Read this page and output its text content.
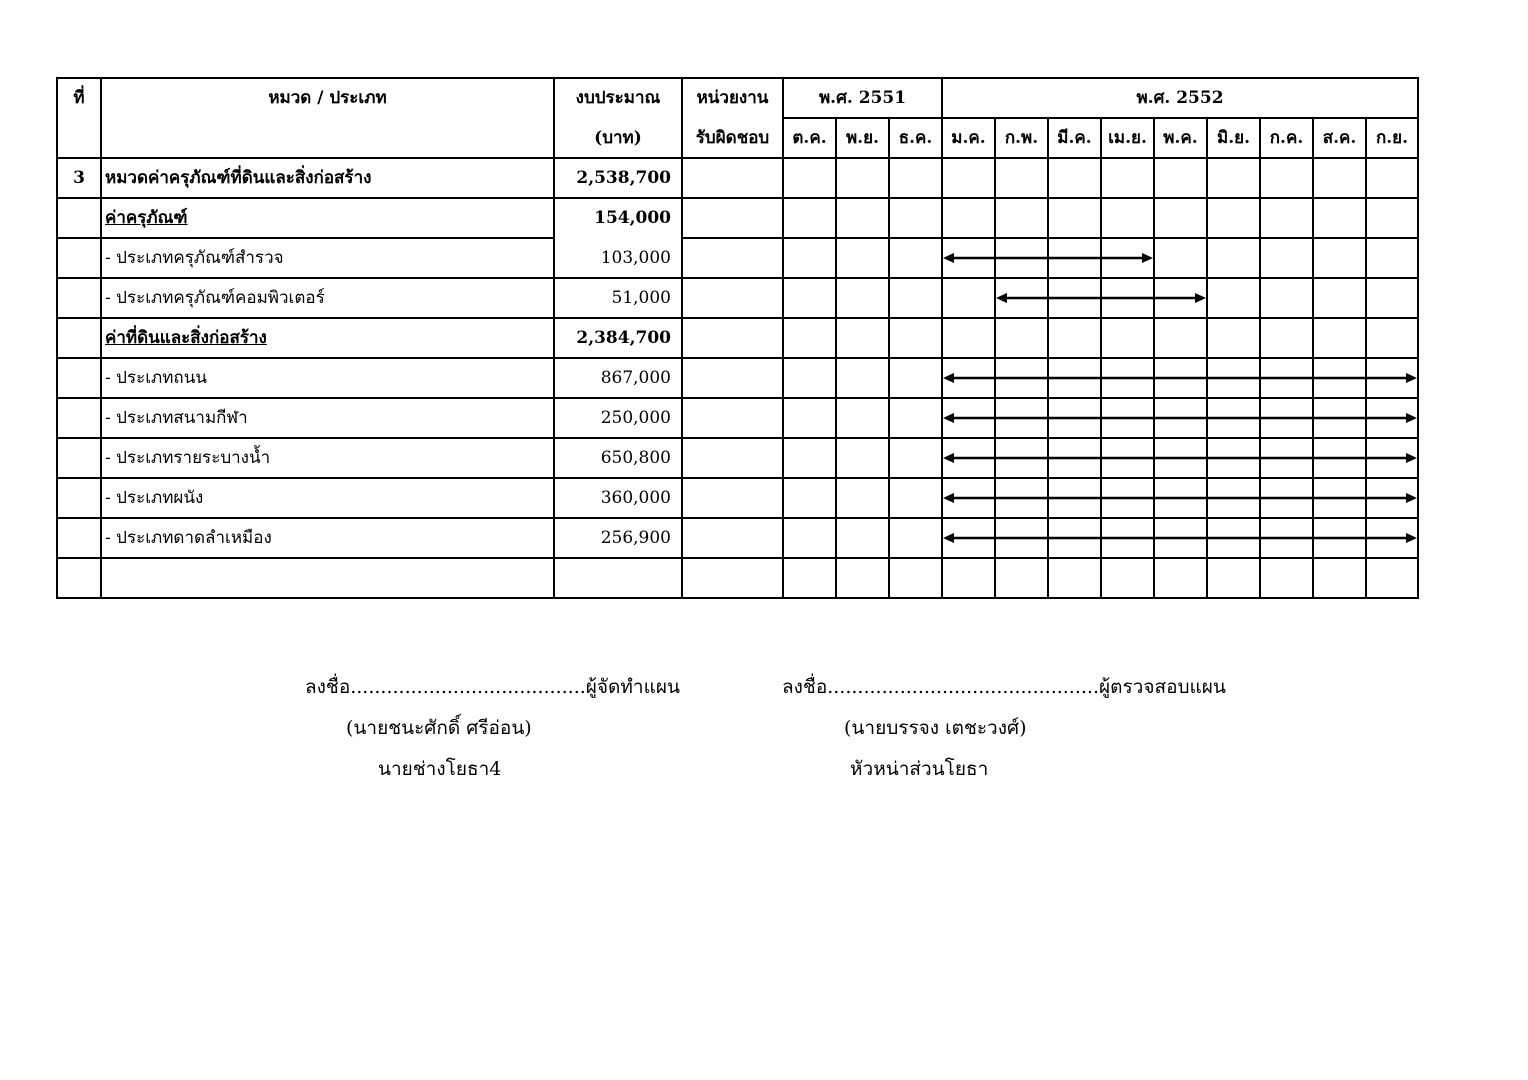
ที่	หมวด / ประเภท	งบประมาณ	หน่วยงาน	พ.ศ. 2551			พ.ศ. 2552								
		(บาท)	รับผิดชอบ	ต.ค.	พ.ย.	ธ.ค.	ม.ค.	ก.พ.	มี.ค.	เม.ย.	พ.ค.	มิ.ย.	ก.ค.	ส.ค.	ก.ย.
3	หมวดค่าครุภัณฑ์ที่ดินและสิ่งก่อสร้าง	2,538,700													
	ค่าครุภัณฑ์	154,000													
	- ประเภทครุภัณฑ์สำรวจ	103,000													
	- ประเภทครุภัณฑ์คอมพิวเตอร์	51,000													
	ค่าที่ดินและสิ่งก่อสร้าง	2,384,700													
	- ประเภทถนน	867,000													
	- ประเภทสนามกีฬา	250,000													
	- ประเภทรายระบางน้ำ	650,800													
	- ประเภทผนัง	360,000													
	- ประเภทดาดลำเหมือง	256,900													

ลงชื่อ.......................................ผู้จัดทำแผน
(นายชนะศักดิ์ ศรีอ่อน)
นายช่างโยธา4
ลงชื่อ.............................................ผู้ตรวจสอบแผน
(นายบรรจง เตชะวงศ์)
หัวหน่าส่วนโยธา
